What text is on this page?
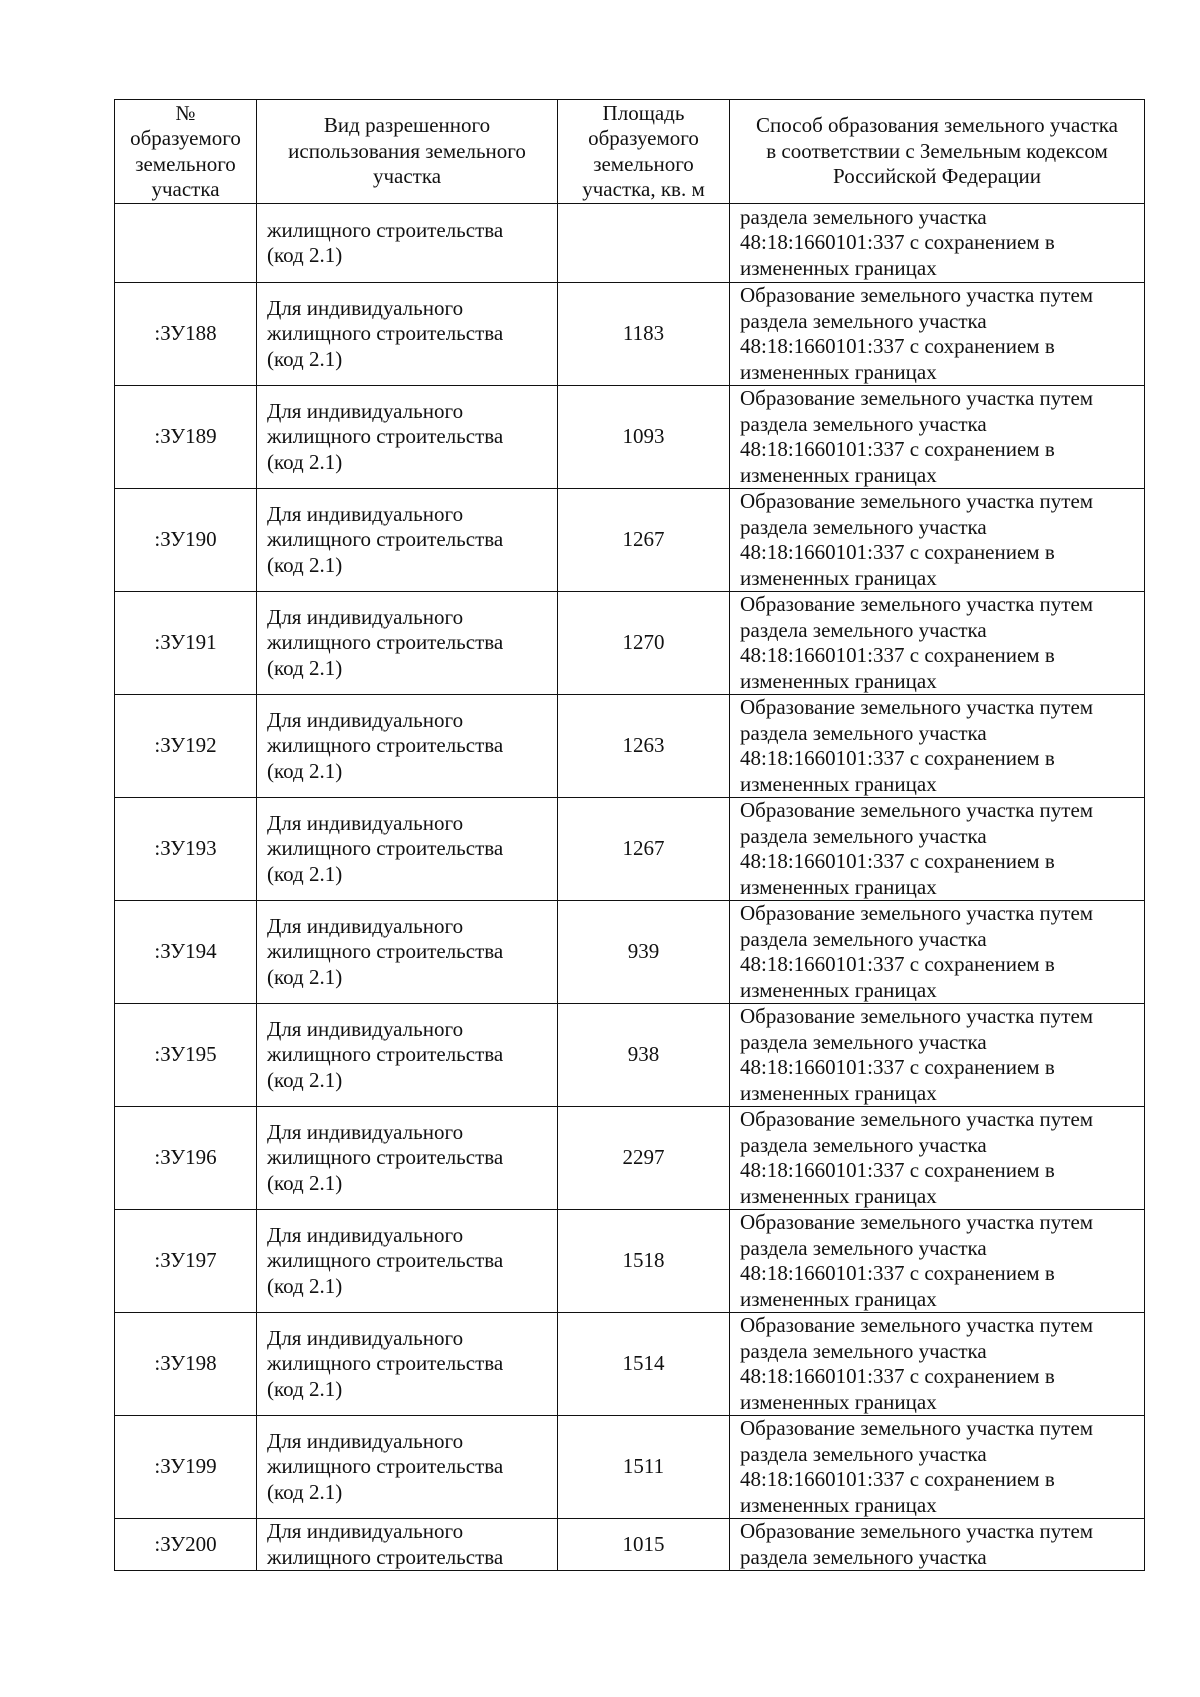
№
образуемого
земельного
участка	Вид разрешенного
использования земельного
участка	Площадь
образуемого
земельного
участка, кв. м	Способ образования земельного участка
в соответствии с Земельным кодексом
Российской Федерации

	жилищного строительства
(код 2.1)		раздела земельного участка
48:18:1660101:337 с сохранением в
измененных границах

:ЗУ188	Для индивидуального
жилищного строительства
(код 2.1)	1183	Образование земельного участка путем
раздела земельного участка
48:18:1660101:337 с сохранением в
измененных границах

:ЗУ189	Для индивидуального
жилищного строительства
(код 2.1)	1093	Образование земельного участка путем
раздела земельного участка
48:18:1660101:337 с сохранением в
измененных границах

:ЗУ190	Для индивидуального
жилищного строительства
(код 2.1)	1267	Образование земельного участка путем
раздела земельного участка
48:18:1660101:337 с сохранением в
измененных границах

:ЗУ191	Для индивидуального
жилищного строительства
(код 2.1)	1270	Образование земельного участка путем
раздела земельного участка
48:18:1660101:337 с сохранением в
измененных границах

:ЗУ192	Для индивидуального
жилищного строительства
(код 2.1)	1263	Образование земельного участка путем
раздела земельного участка
48:18:1660101:337 с сохранением в
измененных границах

:ЗУ193	Для индивидуального
жилищного строительства
(код 2.1)	1267	Образование земельного участка путем
раздела земельного участка
48:18:1660101:337 с сохранением в
измененных границах

:ЗУ194	Для индивидуального
жилищного строительства
(код 2.1)	939	Образование земельного участка путем
раздела земельного участка
48:18:1660101:337 с сохранением в
измененных границах

:ЗУ195	Для индивидуального
жилищного строительства
(код 2.1)	938	Образование земельного участка путем
раздела земельного участка
48:18:1660101:337 с сохранением в
измененных границах

:ЗУ196	Для индивидуального
жилищного строительства
(код 2.1)	2297	Образование земельного участка путем
раздела земельного участка
48:18:1660101:337 с сохранением в
измененных границах

:ЗУ197	Для индивидуального
жилищного строительства
(код 2.1)	1518	Образование земельного участка путем
раздела земельного участка
48:18:1660101:337 с сохранением в
измененных границах

:ЗУ198	Для индивидуального
жилищного строительства
(код 2.1)	1514	Образование земельного участка путем
раздела земельного участка
48:18:1660101:337 с сохранением в
измененных границах

:ЗУ199	Для индивидуального
жилищного строительства
(код 2.1)	1511	Образование земельного участка путем
раздела земельного участка
48:18:1660101:337 с сохранением в
измененных границах

:ЗУ200	Для индивидуального
жилищного строительства	1015	Образование земельного участка путем
раздела земельного участка
